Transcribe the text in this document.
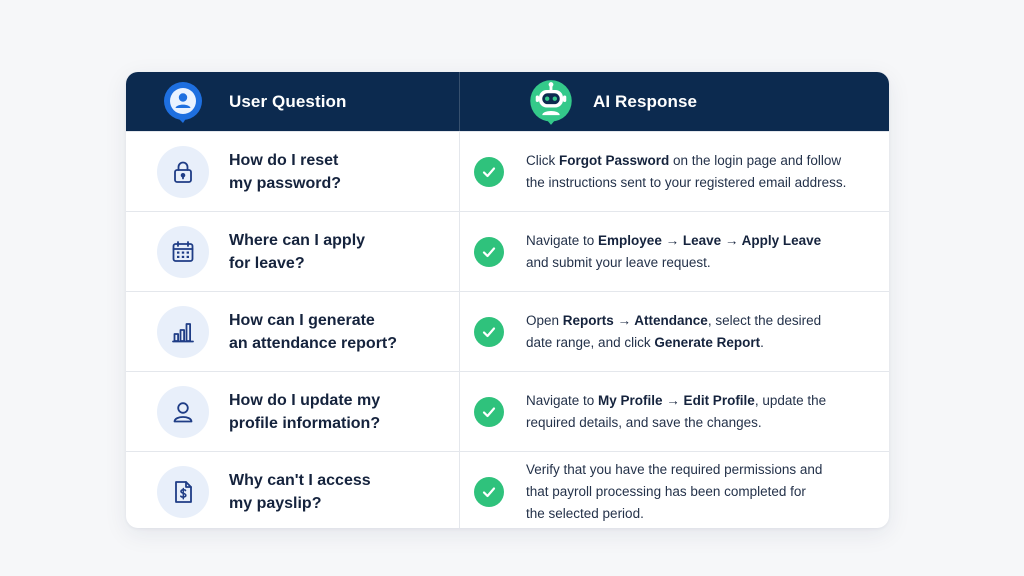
User Question	AI Response
How do I reset
my password?
Click Forgot Password on the login page and follow
the instructions sent to your registered email address.
Where can I apply
for leave?
Navigate to Employee → Leave → Apply Leave
and submit your leave request.
How can I generate
an attendance report?
Open Reports → Attendance, select the desired
date range, and click Generate Report.
How do I update my
profile information?
Navigate to My Profile → Edit Profile, update the
required details, and save the changes.
Why can't I access
my payslip?
Verify that you have the required permissions and
that payroll processing has been completed for
the selected period.
